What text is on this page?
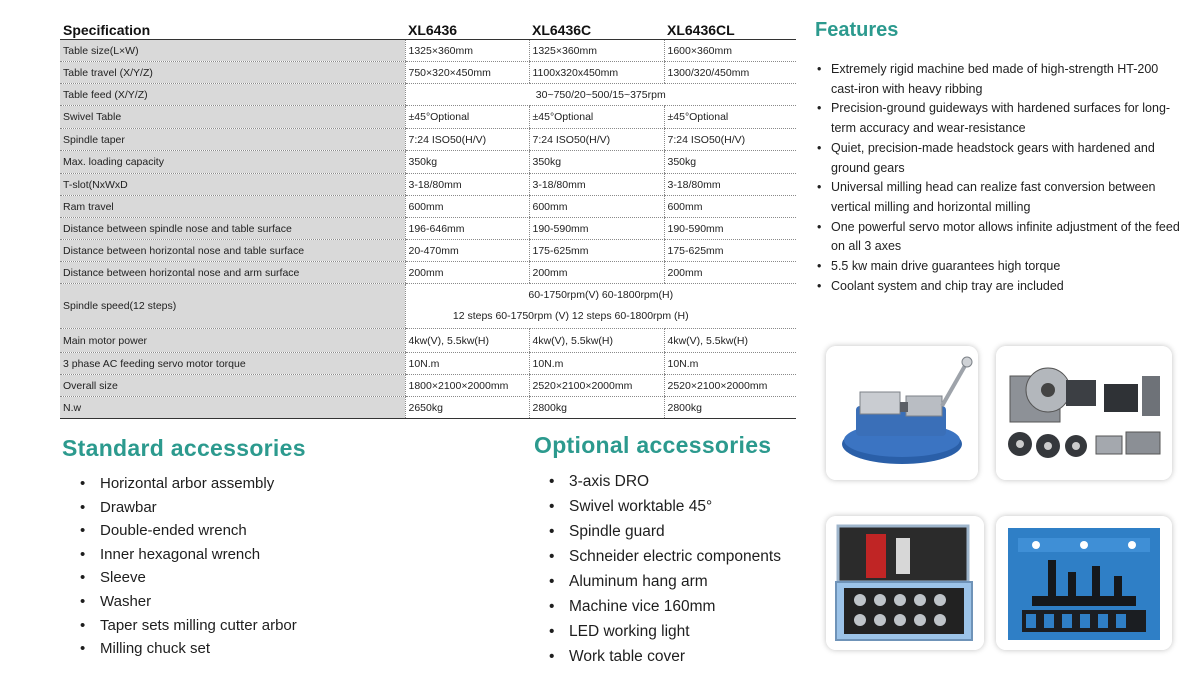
Specification	XL6436	XL6436C	XL6436CL
Table size(L×W)	1325×360mm	1325×360mm	1600×360mm
Table travel (X/Y/Z)	750×320×450mm	1100x320x450mm	1300/320/450mm
Table feed (X/Y/Z)	30~750/20~500/15~375rpm		
Swivel Table	±45°Optional	±45°Optional	±45°Optional
Spindle taper	7:24 ISO50(H/V)	7:24 ISO50(H/V)	7:24 ISO50(H/V)
Max. loading capacity	350kg	350kg	350kg
T-slot(NxWxD	3-18/80mm	3-18/80mm	3-18/80mm
Ram travel	600mm	600mm	600mm
Distance between spindle nose and table surface	196-646mm	190-590mm	190-590mm
Distance between horizontal nose and table surface	20-470mm	175-625mm	175-625mm
Distance between horizontal nose and arm surface	200mm	200mm	200mm
Spindle speed(12 steps)	60-1750rpm(V) 60-1800rpm(H)
12 steps 60-1750rpm (V) 12 steps 60-1800rpm (H)		

Main motor power	4kw(V), 5.5kw(H)	4kw(V), 5.5kw(H)	4kw(V), 5.5kw(H)
3 phase AC feeding servo motor torque	10N.m	10N.m	10N.m
Overall size	1800×2100×2000mm	2520×2100×2000mm	2520×2100×2000mm
N.w	2650kg	2800kg	2800kg
Features
• Extremely rigid machine bed made of high-strength HT-200 cast-iron with heavy ribbing
• Precision-ground guideways with hardened surfaces for long-term accuracy and wear-resistance
• Quiet, precision-made headstock gears with hardened and ground gears
• Universal milling head can realize fast conversion between vertical milling and horizontal milling
• One powerful servo motor allows infinite adjustment of the feed on all 3 axes
• 5.5 kw main drive guarantees high torque
• Coolant system and chip tray are included
Standard accessories
• Horizontal arbor assembly
• Drawbar
• Double-ended wrench
• Inner hexagonal wrench
• Sleeve
• Washer
• Taper sets milling cutter arbor
• Milling chuck set
Optional accessories
• 3-axis DRO
• Swivel worktable 45°
• Spindle guard
• Schneider electric components
• Aluminum hang arm
• Machine vice 160mm
• LED working light
• Work table cover
